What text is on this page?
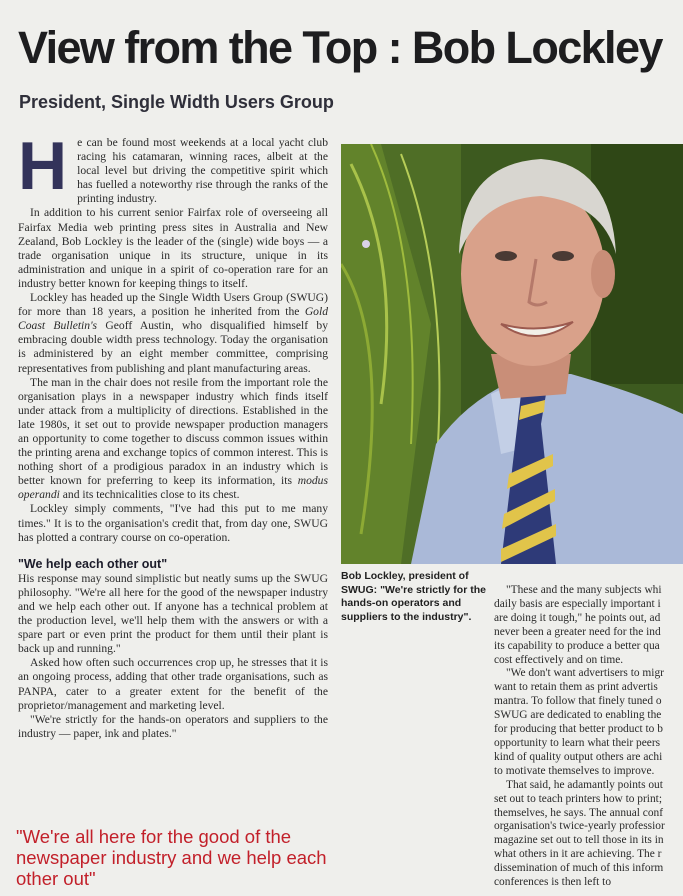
View from the Top : Bob Lockley
President, Single Width Users Group

He can be found most weekends at a local yacht club racing his catamaran, winning races, albeit at the local level but driving the competitive spirit which has fuelled a noteworthy rise through the ranks of the printing industry.

In addition to his current senior Fairfax role of overseeing all Fairfax Media web printing press sites in Australia and New Zealand, Bob Lockley is the leader of the (single) wide boys — a trade organisation unique in its structure, unique in its administration and unique in a spirit of co-operation rare for an industry better known for keeping things to itself.

Lockley has headed up the Single Width Users Group (SWUG) for more than 18 years, a position he inherited from the Gold Coast Bulletin's Geoff Austin, who disqualified himself by embracing double width press technology. Today the organisation is administered by an eight member committee, comprising representatives from publishing and plant manufacturing areas.

The man in the chair does not resile from the important role the organisation plays in a newspaper industry which finds itself under attack from a multiplicity of directions. Established in the late 1980s, it set out to provide newspaper production managers an opportunity to come together to discuss common issues within the printing arena and exchange topics of common interest. This is nothing short of a prodigious paradox in an industry which is better known for preferring to keep its information, its modus operandi and its technicalities close to its chest.

Lockley simply comments, "I've had this put to me many times." It is to the organisation's credit that, from day one, SWUG has plotted a contrary course on co-operation.

"We help each other out"

His response may sound simplistic but neatly sums up the SWUG philosophy. "We're all here for the good of the newspaper industry and we help each other out. If anyone has a technical problem at the production level, we'll help them with the answers or with a spare part or even print the product for them until their plant is back up and running."

Asked how often such occurrences crop up, he stresses that it is an ongoing process, adding that other trade organisations, such as PANPA, cater to a greater extent for the benefit of the proprietor/management and marketing level.

"We're strictly for the hands-on operators and suppliers to the industry — paper, ink and plates."

"We're all here for the good of the newspaper industry and we help each other out"

Bob Lockley, president of SWUG: "We're strictly for the hands-on operators and suppliers to the industry".

"These and the many subjects whi

daily basis are especially important i

are doing it tough," he points out, ad

never been a greater need for the ind

its capability to produce a better qua

cost effectively and on time.

"We don't want advertisers to migr

want to retain them as print advertis

mantra. To follow that finely tuned o

SWUG are dedicated to enabling the

for producing that better product to b

opportunity to learn what their peers

kind of quality output others are achi

to motivate themselves to improve.

That said, he adamantly points out

set out to teach printers how to print;

themselves, he says. The annual conf

organisation's twice-yearly professior

magazine set out to tell those in its in

what others in it are achieving. The r

dissemination of much of this inform

conferences is then left to
